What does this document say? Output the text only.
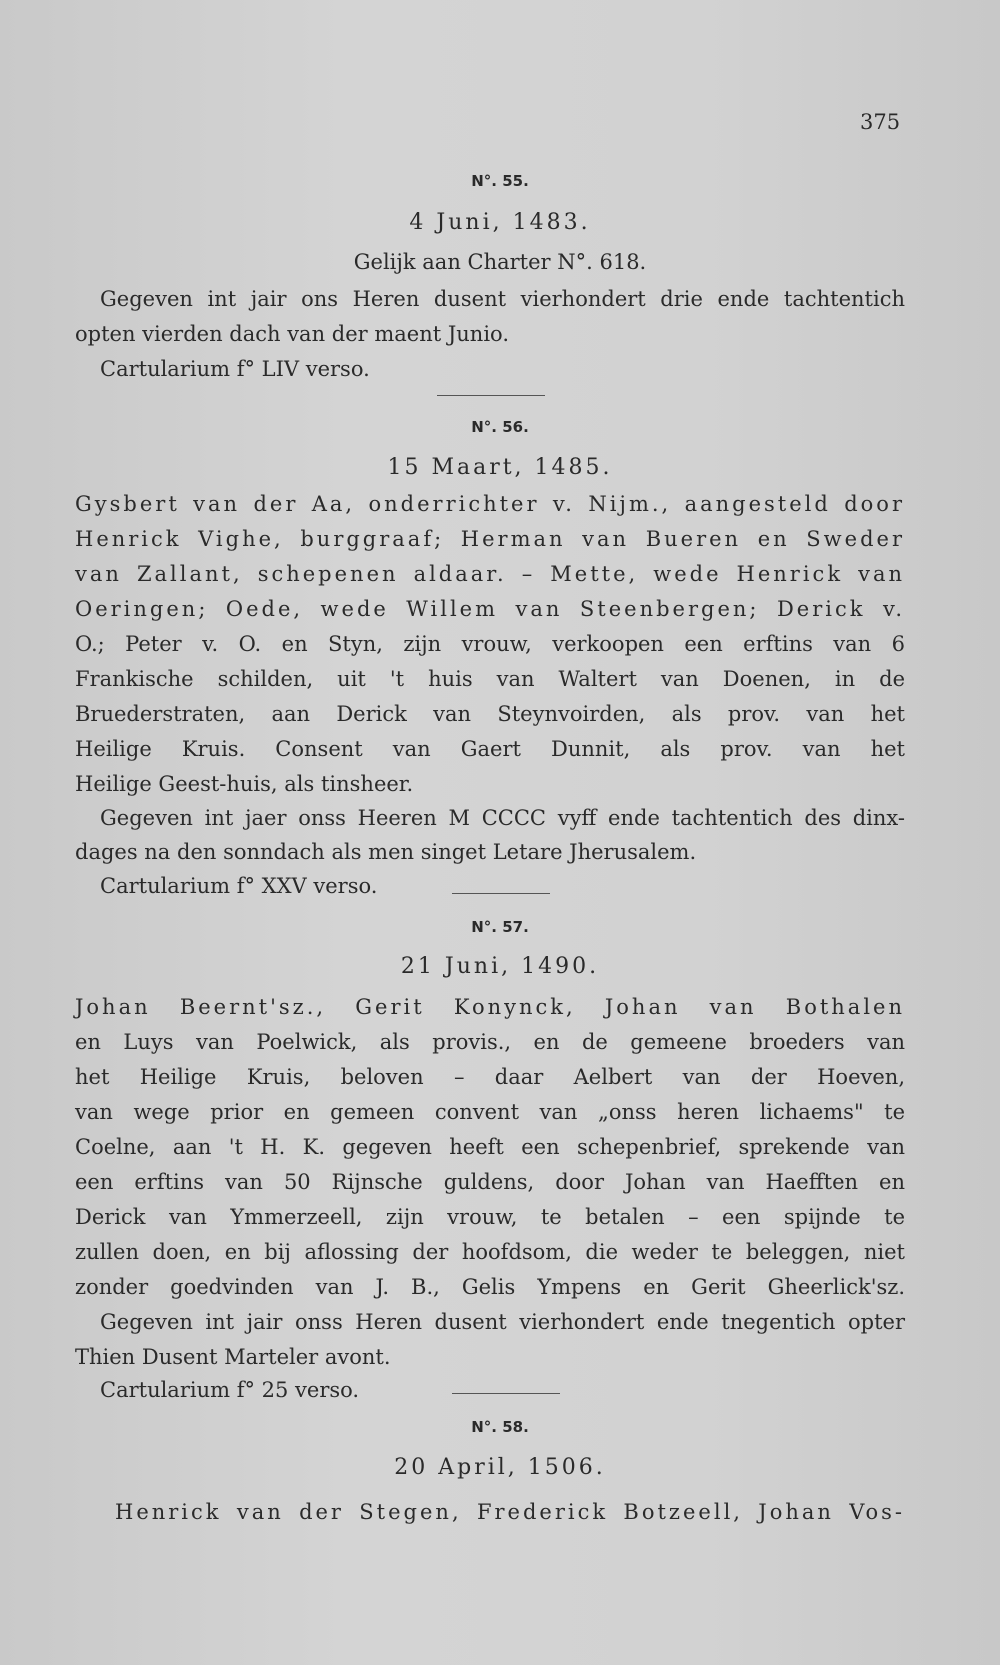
375
N°. 55.
4 Juni, 1483.
Gelijk aan Charter N°. 618.
Gegeven int jair ons Heren dusent vierhondert drie ende tachtentich
opten vierden dach van der maent Junio.
Cartularium f° LIV verso.
N°. 56.
15 Maart, 1485.
Gysbert van der Aa, onderrichter v. Nijm., aangesteld door
Henrick Vighe, burggraaf; Herman van Bueren en Sweder
van Zallant, schepenen aldaar. – Mette, wede Henrick van
Oeringen; Oede, wede Willem van Steenbergen; Derick v.
O.; Peter v. O. en Styn, zijn vrouw, verkoopen een erftins van 6
Frankische schilden, uit 't huis van Waltert van Doenen, in de
Bruederstraten, aan Derick van Steynvoirden, als prov. van het
Heilige Kruis. Consent van Gaert Dunnit, als prov. van het
Heilige Geest-huis, als tinsheer.
Gegeven int jaer onss Heeren M CCCC vyff ende tachtentich des dinx-
dages na den sonndach als men singet Letare Jherusalem.
Cartularium f° XXV verso.
N°. 57.
21 Juni, 1490.
Johan Beernt'sz., Gerit Konynck, Johan van Bothalen
en Luys van Poelwick, als provis., en de gemeene broeders van
het Heilige Kruis, beloven – daar Aelbert van der Hoeven,
van wege prior en gemeen convent van „onss heren lichaems" te
Coelne, aan 't H. K. gegeven heeft een schepenbrief, sprekende van
een erftins van 50 Rijnsche guldens, door Johan van Haefften en
Derick van Ymmerzeell, zijn vrouw, te betalen – een spijnde te
zullen doen, en bij aflossing der hoofdsom, die weder te beleggen, niet
zonder goedvinden van J. B., Gelis Ympens en Gerit Gheerlick'sz.
Gegeven int jair onss Heren dusent vierhondert ende tnegentich opter
Thien Dusent Marteler avont.
Cartularium f° 25 verso.
N°. 58.
20 April, 1506.
Henrick van der Stegen, Frederick Botzeell, Johan Vos-
